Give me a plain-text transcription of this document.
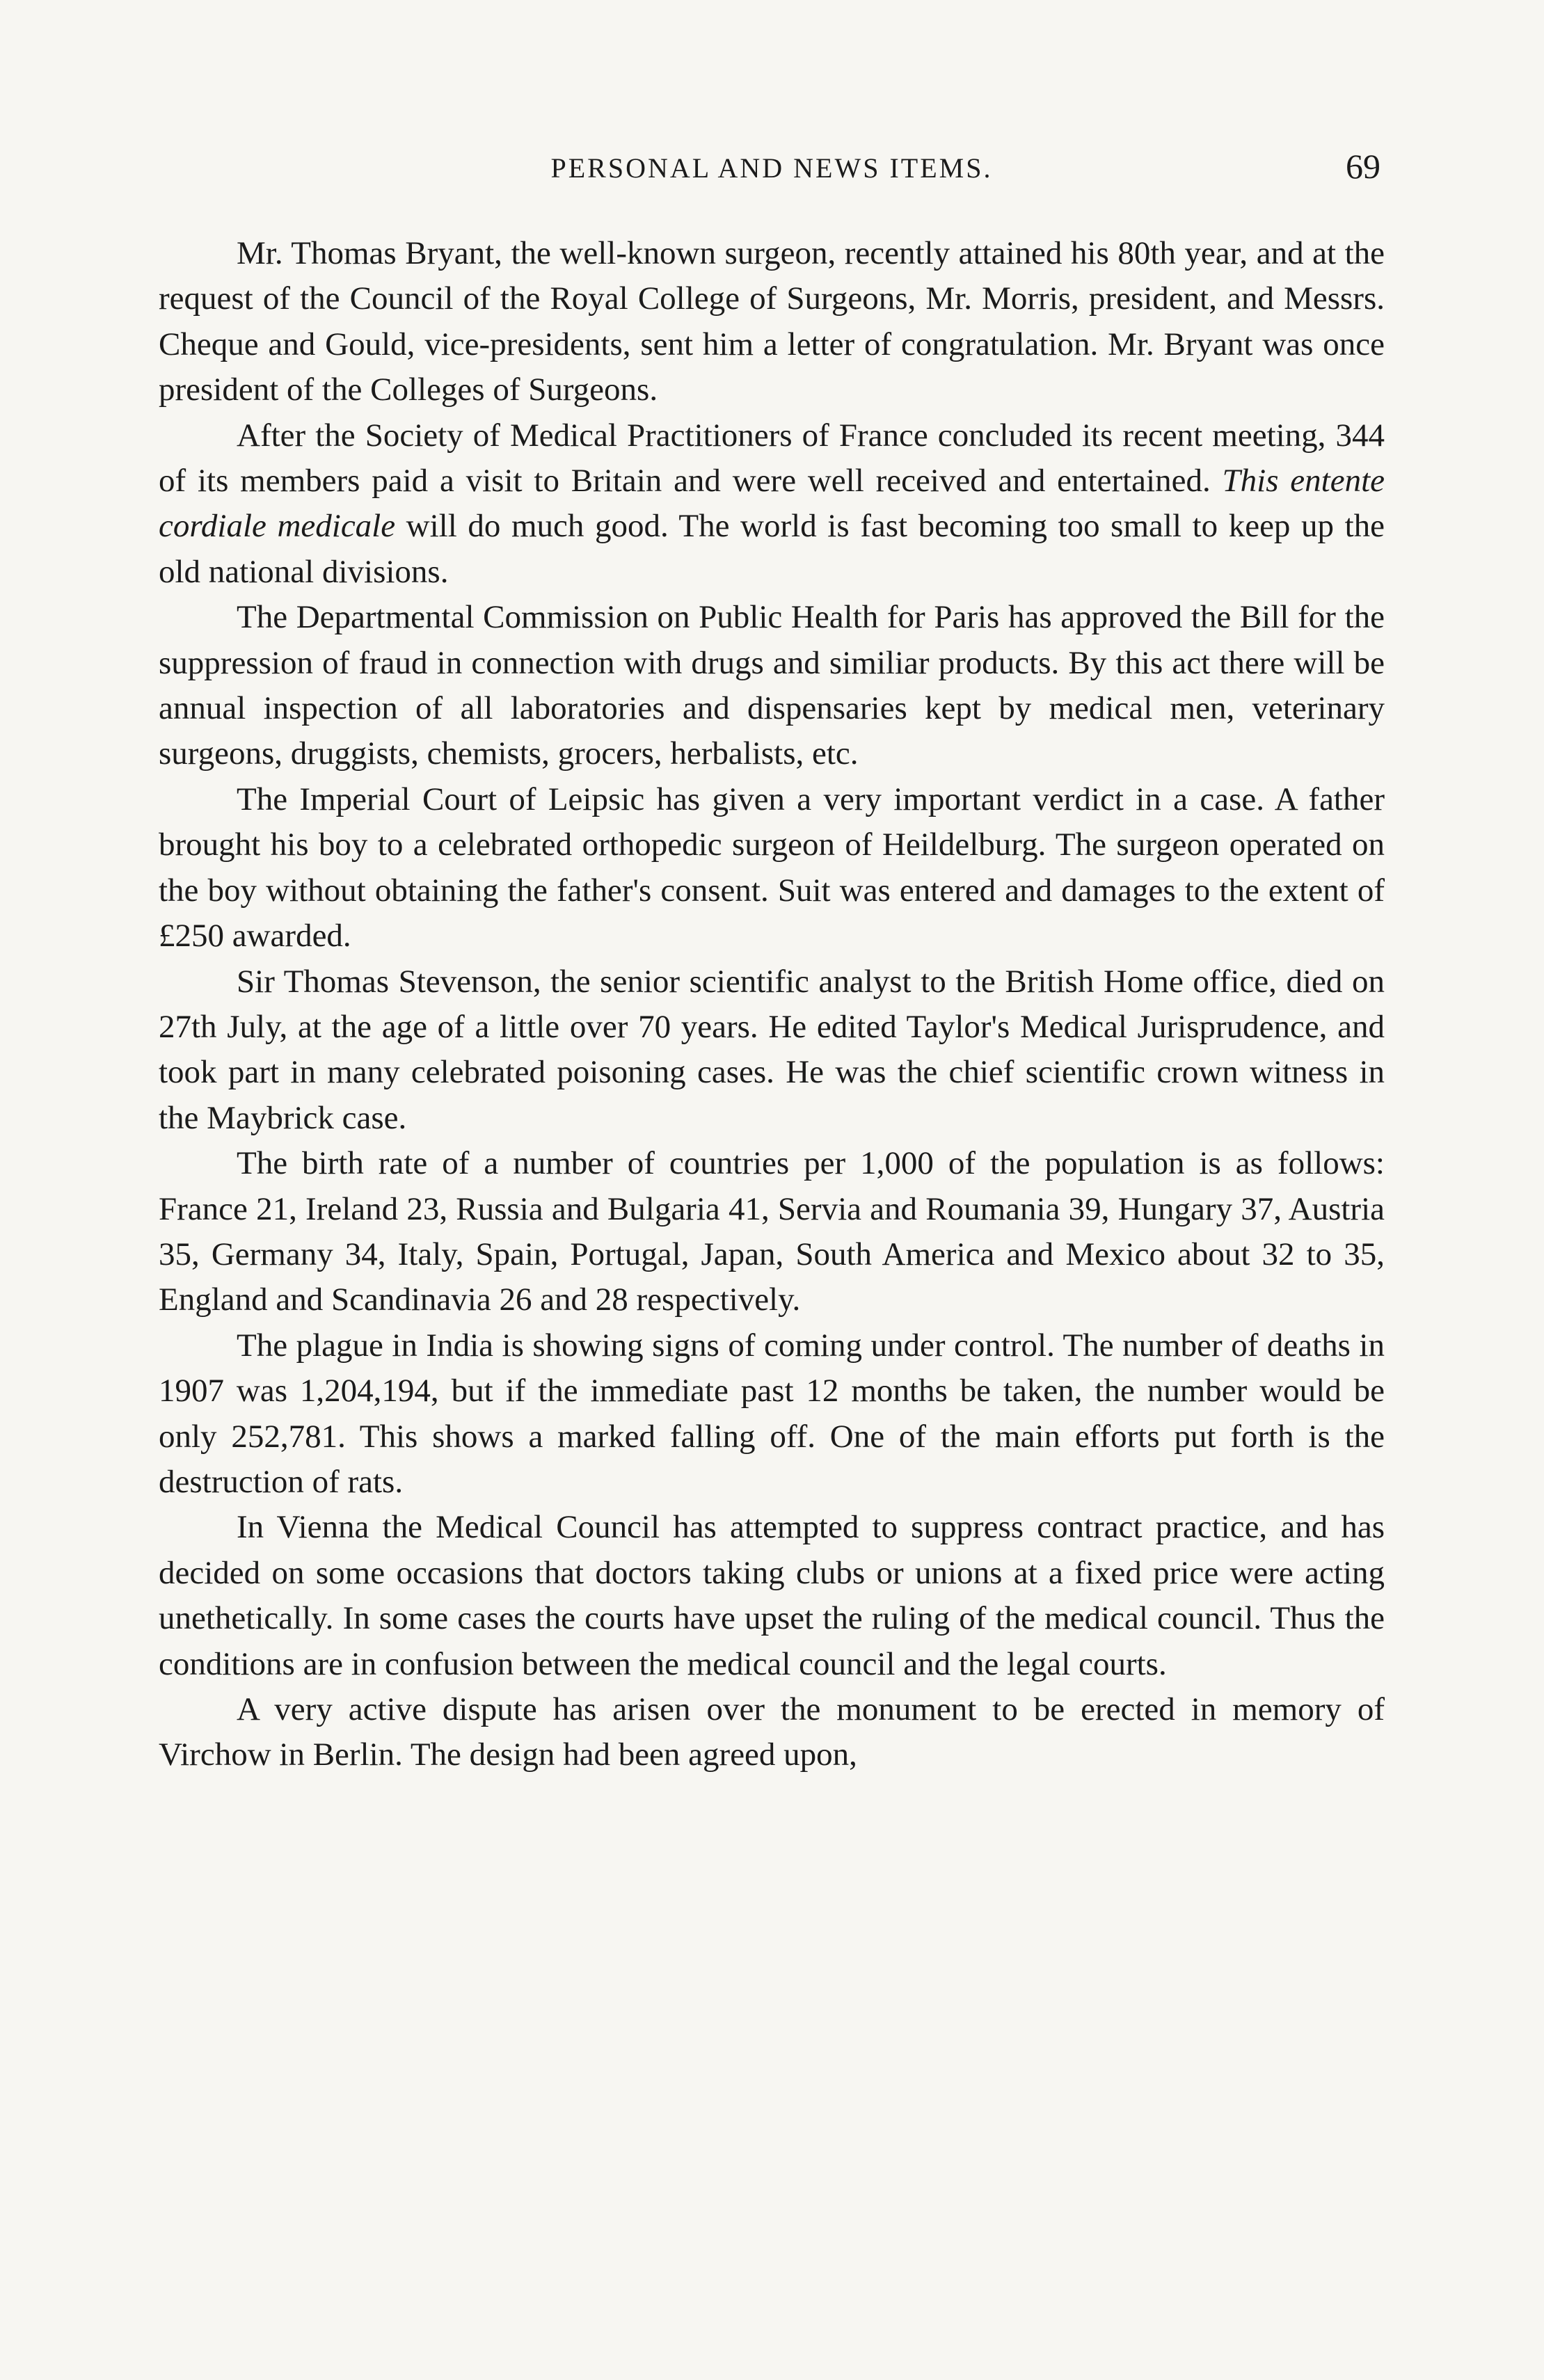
PERSONAL AND NEWS ITEMS.	69

Mr. Thomas Bryant, the well-known surgeon, recently attained his 80th year, and at the request of the Council of the Royal College of Surgeons, Mr. Morris, president, and Messrs. Cheque and Gould, vice-presidents, sent him a letter of congratulation. Mr. Bryant was once president of the Colleges of Surgeons.

After the Society of Medical Practitioners of France concluded its recent meeting, 344 of its members paid a visit to Britain and were well received and entertained. This entente cordiale medicale will do much good. The world is fast becoming too small to keep up the old national divisions.

The Departmental Commission on Public Health for Paris has approved the Bill for the suppression of fraud in connection with drugs and similiar products. By this act there will be annual inspection of all laboratories and dispensaries kept by medical men, veterinary surgeons, druggists, chemists, grocers, herbalists, etc.

The Imperial Court of Leipsic has given a very important verdict in a case. A father brought his boy to a celebrated orthopedic surgeon of Heildelburg. The surgeon operated on the boy without obtaining the father's consent. Suit was entered and damages to the extent of £250 awarded.

Sir Thomas Stevenson, the senior scientific analyst to the British Home office, died on 27th July, at the age of a little over 70 years. He edited Taylor's Medical Jurisprudence, and took part in many celebrated poisoning cases. He was the chief scientific crown witness in the Maybrick case.

The birth rate of a number of countries per 1,000 of the population is as follows: France 21, Ireland 23, Russia and Bulgaria 41, Servia and Roumania 39, Hungary 37, Austria 35, Germany 34, Italy, Spain, Portugal, Japan, South America and Mexico about 32 to 35, England and Scandinavia 26 and 28 respectively.

The plague in India is showing signs of coming under control. The number of deaths in 1907 was 1,204,194, but if the immediate past 12 months be taken, the number would be only 252,781. This shows a marked falling off. One of the main efforts put forth is the destruction of rats.

In Vienna the Medical Council has attempted to suppress contract practice, and has decided on some occasions that doctors taking clubs or unions at a fixed price were acting unethetically. In some cases the courts have upset the ruling of the medical council. Thus the conditions are in confusion between the medical council and the legal courts.

A very active dispute has arisen over the monument to be erected in memory of Virchow in Berlin. The design had been agreed upon,
